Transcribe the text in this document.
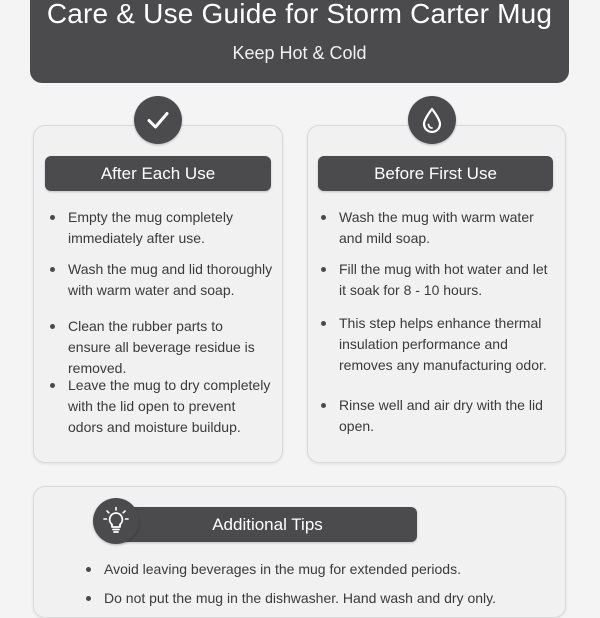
Care & Use Guide for Storm Carter Mug
Keep Hot & Cold
After Each Use
Empty the mug completely immediately after use.
Wash the mug and lid thoroughly with warm water and soap.
Clean the rubber parts to ensure all beverage residue is removed.
Leave the mug to dry completely with the lid open to prevent odors and moisture buildup.
Before First Use
Wash the mug with warm water and mild soap.
Fill the mug with hot water and let it soak for 8 - 10 hours.
This step helps enhance thermal insulation performance and removes any manufacturing odor.
Rinse well and air dry with the lid open.
Additional Tips
Avoid leaving beverages in the mug for extended periods.
Do not put the mug in the dishwasher. Hand wash and dry only.
